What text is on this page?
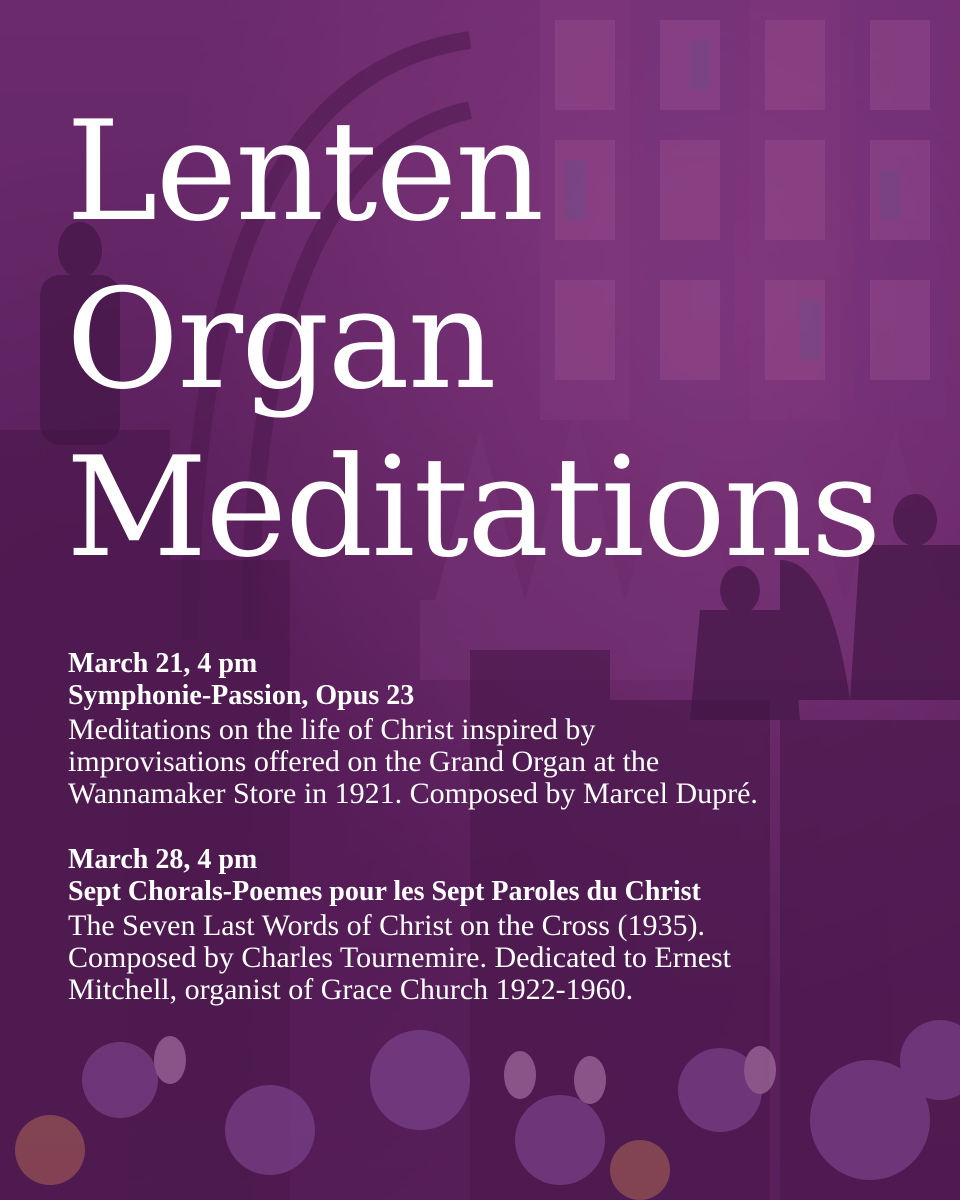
Lenten
Organ
Meditations
March 21, 4 pm
Symphonie-Passion, Opus 23
Meditations on the life of Christ inspired by
improvisations offered on the Grand Organ at the
Wannamaker Store in 1921. Composed by Marcel Dupré.
March 28, 4 pm
Sept Chorals-Poemes pour les Sept Paroles du Christ
The Seven Last Words of Christ on the Cross (1935).
Composed by Charles Tournemire. Dedicated to Ernest
Mitchell, organist of Grace Church 1922-1960.
